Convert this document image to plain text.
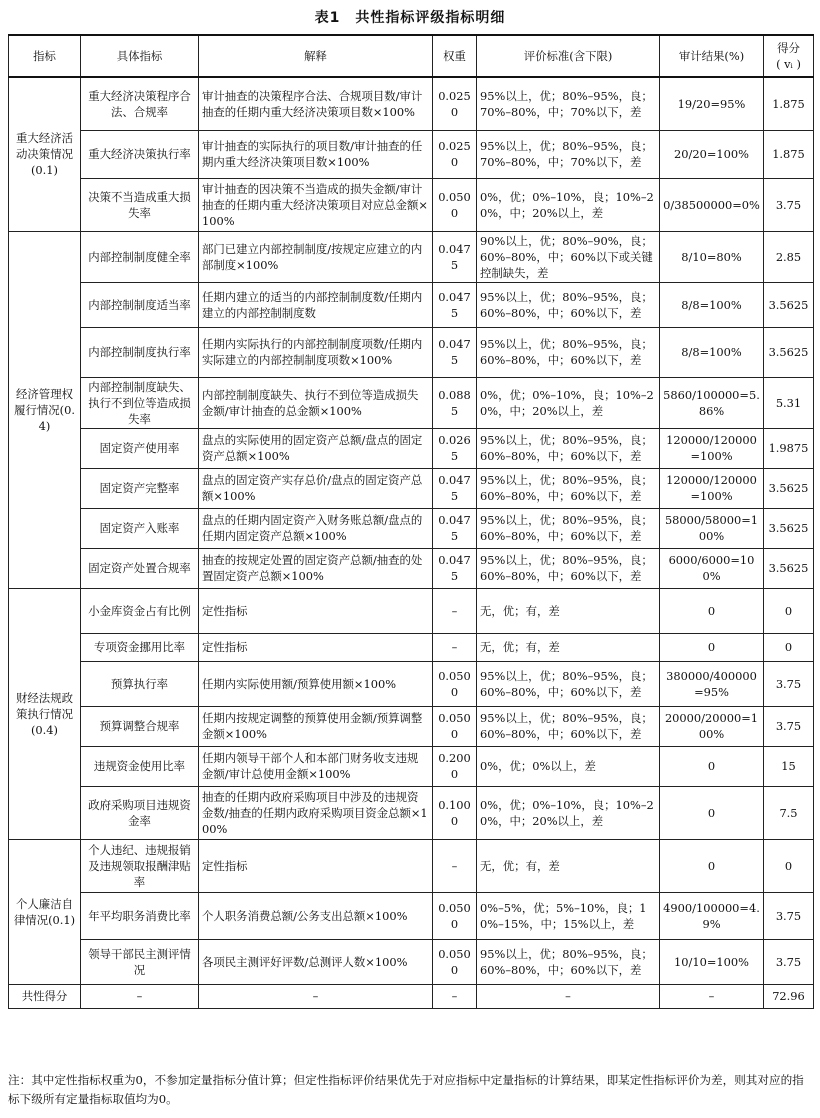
表1　共性指标评级指标明细
指标	具体指标	解释	权重	评价标准(含下限)	审计结果(%)	得分
( vᵢ )
重大经济活动决策情况(0.1)	重大经济决策程序合法、合规率	审计抽查的决策程序合法、合规项目数/审计抽查的任期内重大经济决策项目数×100%	0.0250	95%以上，优；80%–95%，良；70%–80%，中；70%以下，差	19/20=95%	1.875
	重大经济决策执行率	审计抽查的实际执行的项目数/审计抽查的任期内重大经济决策项目数×100%	0.0250	95%以上，优；80%–95%，良；70%–80%，中；70%以下，差	20/20=100%	1.875
	决策不当造成重大损失率	审计抽查的因决策不当造成的损失金额/审计抽查的任期内重大经济决策项目对应总金额×100%	0.0500	0%，优；0%–10%，良；10%–20%，中；20%以上，差	0/38500000=0%	3.75
经济管理权履行情况(0.4)	内部控制制度健全率	部门已建立内部控制制度/按规定应建立的内部制度×100%	0.0475	90%以上，优；80%–90%，良；60%–80%，中；60%以下或关键控制缺失，差	8/10=80%	2.85
	内部控制制度适当率	任期内建立的适当的内部控制制度数/任期内建立的内部控制制度数	0.0475	95%以上，优；80%–95%，良；60%–80%，中；60%以下，差	8/8=100%	3.5625
	内部控制制度执行率	任期内实际执行的内部控制制度项数/任期内实际建立的内部控制制度项数×100%	0.0475	95%以上，优；80%–95%，良；60%–80%，中；60%以下，差	8/8=100%	3.5625
	内部控制制度缺失、执行不到位等造成损失率	内部控制制度缺失、执行不到位等造成损失金额/审计抽查的总金额×100%	0.0885	0%，优；0%–10%，良；10%–20%，中；20%以上，差	5860/100000=5.86%	5.31
	固定资产使用率	盘点的实际使用的固定资产总额/盘点的固定资产总额×100%	0.0265	95%以上，优；80%–95%，良；60%–80%，中；60%以下，差	120000/120000=100%	1.9875
	固定资产完整率	盘点的固定资产实存总价/盘点的固定资产总额×100%	0.0475	95%以上，优；80%–95%，良；60%–80%，中；60%以下，差	120000/120000=100%	3.5625
	固定资产入账率	盘点的任期内固定资产入财务账总额/盘点的任期内固定资产总额×100%	0.0475	95%以上，优；80%–95%，良；60%–80%，中；60%以下，差	58000/58000=100%	3.5625
	固定资产处置合规率	抽查的按规定处置的固定资产总额/抽查的处置固定资产总额×100%	0.0475	95%以上，优；80%–95%，良；60%–80%，中；60%以下，差	6000/6000=100%	3.5625
财经法规政策执行情况(0.4)	小金库资金占有比例	定性指标	–	无，优；有，差	0	0
	专项资金挪用比率	定性指标	–	无，优；有，差	0	0
	预算执行率	任期内实际使用额/预算使用额×100%	0.0500	95%以上，优；80%–95%，良；60%–80%，中；60%以下，差	380000/400000=95%	3.75
	预算调整合规率	任期内按规定调整的预算使用金额/预算调整金额×100%	0.0500	95%以上，优；80%–95%，良；60%–80%，中；60%以下，差	20000/20000=100%	3.75
	违规资金使用比率	任期内领导干部个人和本部门财务收支违规金额/审计总使用金额×100%	0.2000	0%，优；0%以上，差	0	15
	政府采购项目违规资金率	抽查的任期内政府采购项目中涉及的违规资金数/抽查的任期内政府采购项目资金总额×100%	0.1000	0%，优；0%–10%，良；10%–20%，中；20%以上，差	0	7.5
个人廉洁自律情况(0.1)	个人违纪、违规报销及违规领取报酬津贴率	定性指标	–	无，优；有，差	0	0
	年平均职务消费比率	个人职务消费总额/公务支出总额×100%	0.0500	0%–5%，优；5%–10%，良；10%–15%，中；15%以上，差	4900/100000=4.9%	3.75
	领导干部民主测评情况	各项民主测评好评数/总测评人数×100%	0.0500	95%以上，优；80%–95%，良；60%–80%，中；60%以下，差	10/10=100%	3.75
共性得分	–	–	–	–	–	72.96
注：其中定性指标权重为0，不参加定量指标分值计算；但定性指标评价结果优先于对应指标中定量指标的计算结果，即某定性指标评价为差，则其对应的指标下级所有定量指标取值均为0。
